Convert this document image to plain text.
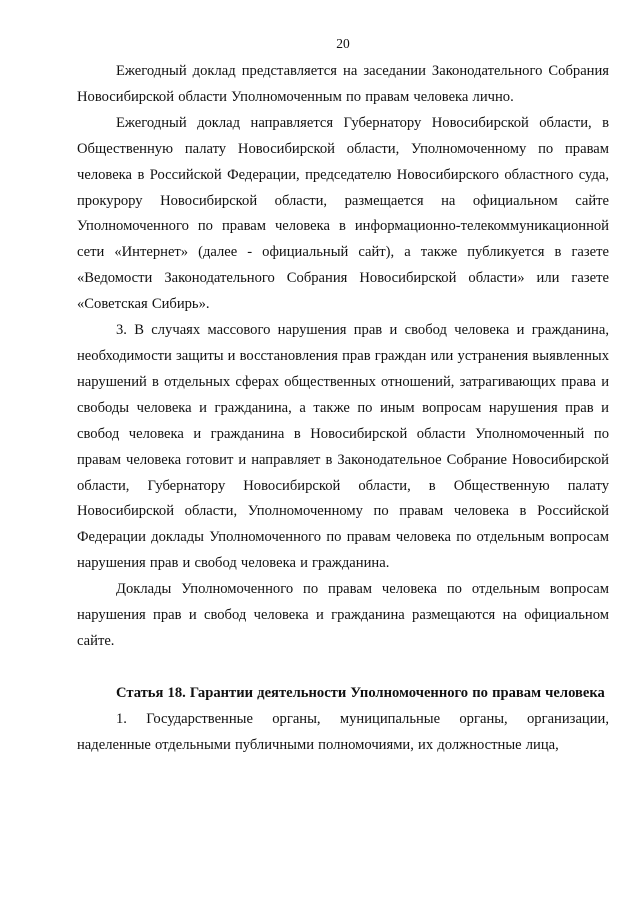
20

Ежегодный доклад представляется на заседании Законодательного Собрания Новосибирской области Уполномоченным по правам человека лично.

Ежегодный доклад направляется Губернатору Новосибирской области, в Общественную палату Новосибирской области, Уполномоченному по правам человека в Российской Федерации, председателю Новосибирского областного суда, прокурору Новосибирской области, размещается на официальном сайте Уполномоченного по правам человека в информационно-телекоммуникационной сети «Интернет» (далее - официальный сайт), а также публикуется в газете «Ведомости Законодательного Собрания Новосибирской области» или газете «Советская Сибирь».

3. В случаях массового нарушения прав и свобод человека и гражданина, необходимости защиты и восстановления прав граждан или устранения выявленных нарушений в отдельных сферах общественных отношений, затрагивающих права и свободы человека и гражданина, а также по иным вопросам нарушения прав и свобод человека и гражданина в Новосибирской области Уполномоченный по правам человека готовит и направляет в Законодательное Собрание Новосибирской области, Губернатору Новосибирской области, в Общественную палату Новосибирской области, Уполномоченному по правам человека в Российской Федерации доклады Уполномоченного по правам человека по отдельным вопросам нарушения прав и свобод человека и гражданина.

Доклады Уполномоченного по правам человека по отдельным вопросам нарушения прав и свобод человека и гражданина размещаются на официальном сайте.

Статья 18. Гарантии деятельности Уполномоченного по правам человека

1. Государственные органы, муниципальные органы, организации, наделенные отдельными публичными полномочиями, их должностные лица,
